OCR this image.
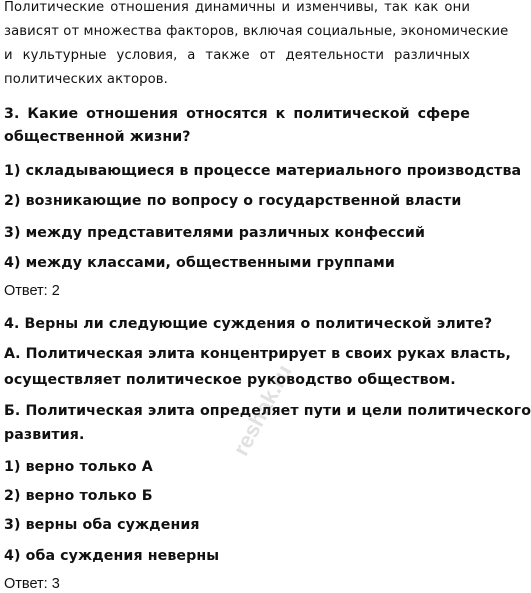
Политические отношения динамичны и изменчивы, так как они
зависят от множества факторов, включая социальные, экономические
и культурные условия, а также от деятельности различных
политических акторов.
3. Какие отношения относятся к политической сфере
общественной жизни?
1) складывающиеся в процессе материального производства
2) возникающие по вопросу о государственной власти
3) между представителями различных конфессий
4) между классами, общественными группами
Ответ: 2
4. Верны ли следующие суждения о политической элите?
А. Политическая элита концентрирует в своих руках власть,
осуществляет политическое руководство обществом.
Б. Политическая элита определяет пути и цели политического
развития.
1) верно только А
2) верно только Б
3) верны оба суждения
4) оба суждения неверны
Ответ: 3
reshak.ru
